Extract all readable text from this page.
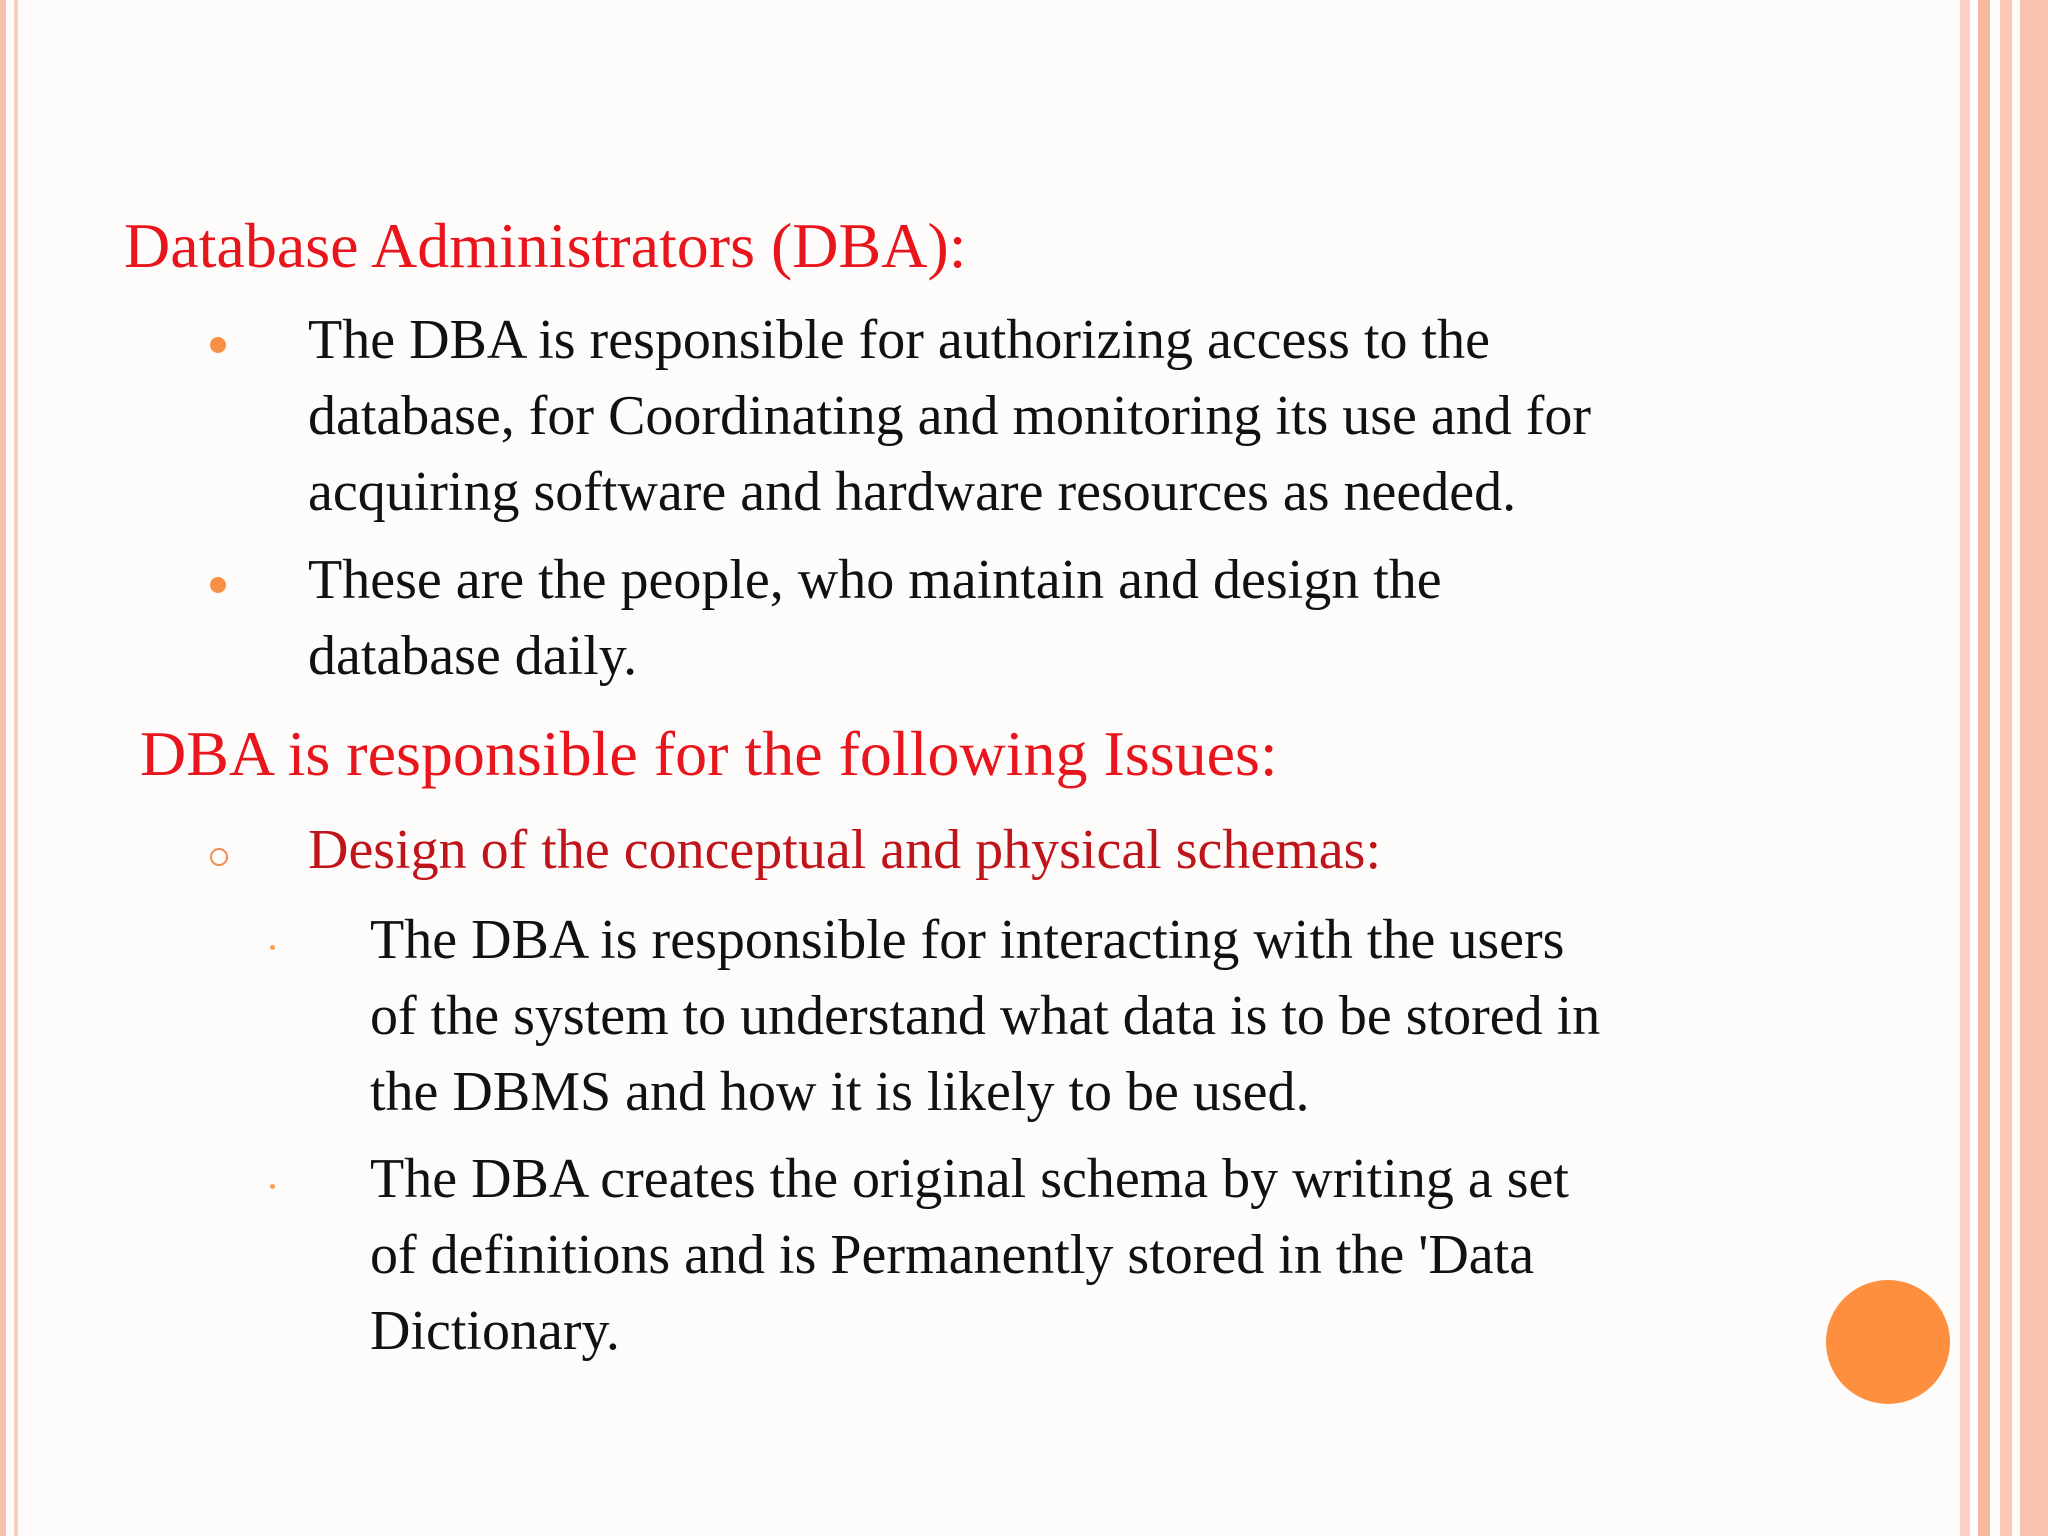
Database Administrators (DBA):
The DBA is responsible for authorizing access to the
database, for Coordinating and monitoring its use and for
acquiring software and hardware resources as needed.
These are the people, who maintain and design the
database daily.
DBA is responsible for the following Issues:
Design of the conceptual and physical schemas:
The DBA is responsible for interacting with the users
of the system to understand what data is to be stored in
the DBMS and how it is likely to be used.
The DBA creates the original schema by writing a set
of definitions and is Permanently stored in the 'Data
Dictionary.
